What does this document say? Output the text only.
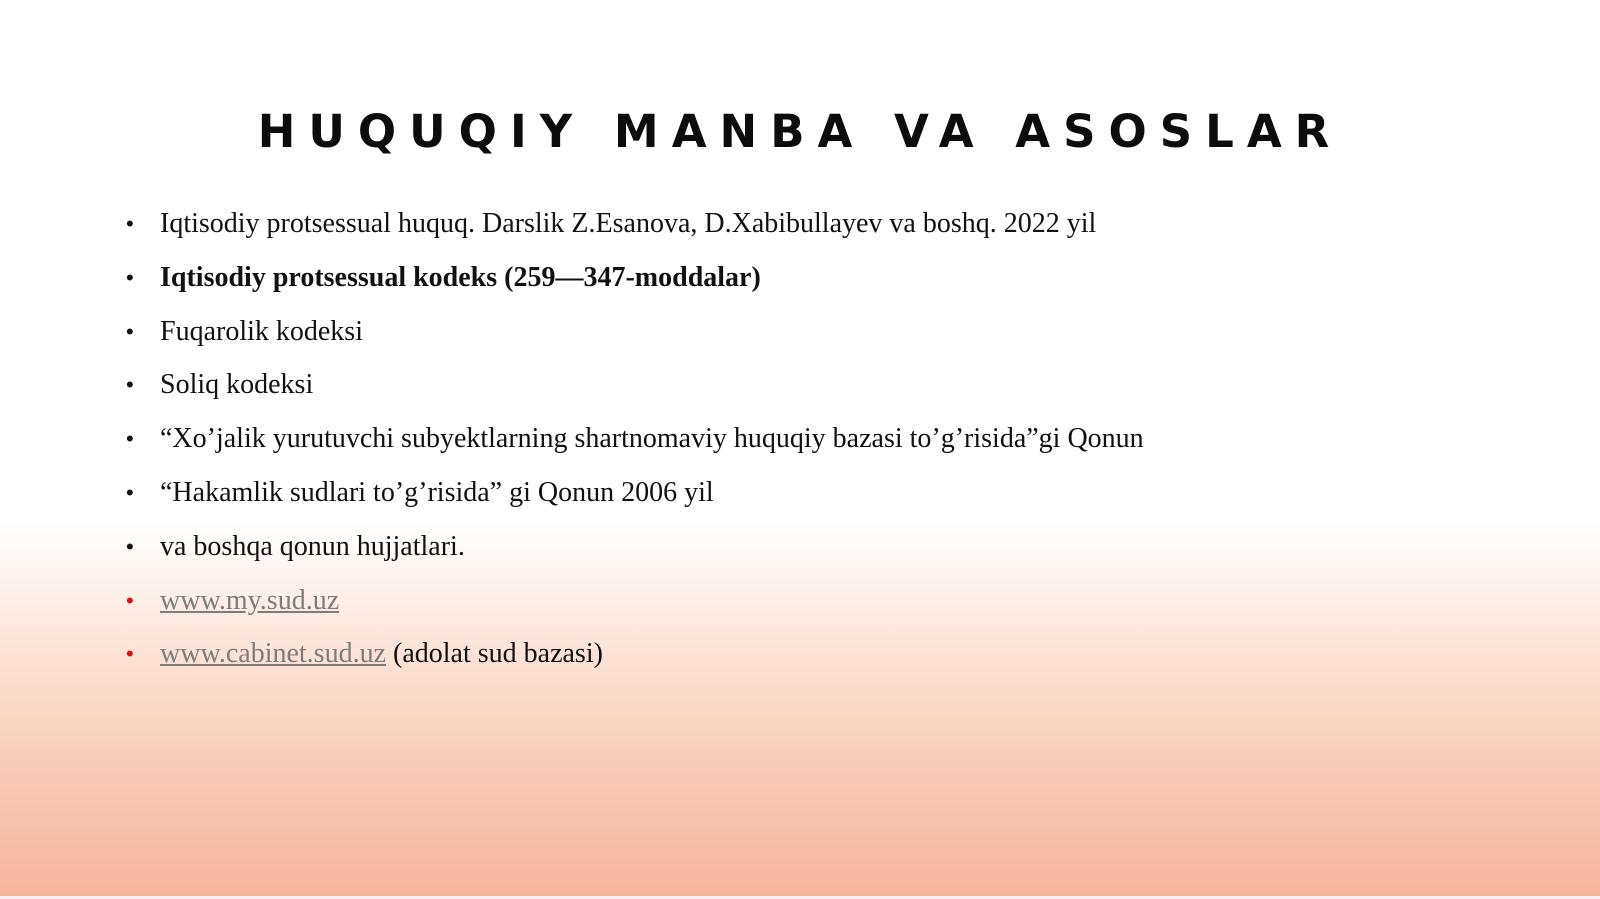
HUQUQIY MANBA VA ASOSLAR
• Iqtisodiy protsessual huquq. Darslik Z.Esanova, D.Xabibullayev va boshq. 2022 yil
• Iqtisodiy protsessual kodeks (259—347-moddalar)
• Fuqarolik kodeksi
• Soliq kodeksi
• “Xo’jalik yurutuvchi subyektlarning shartnomaviy huquqiy bazasi to’g’risida”gi Qonun
• “Hakamlik sudlari to’g’risida” gi Qonun 2006 yil
• va boshqa qonun hujjatlari.
• www.my.sud.uz
• www.cabinet.sud.uz (adolat sud bazasi)
